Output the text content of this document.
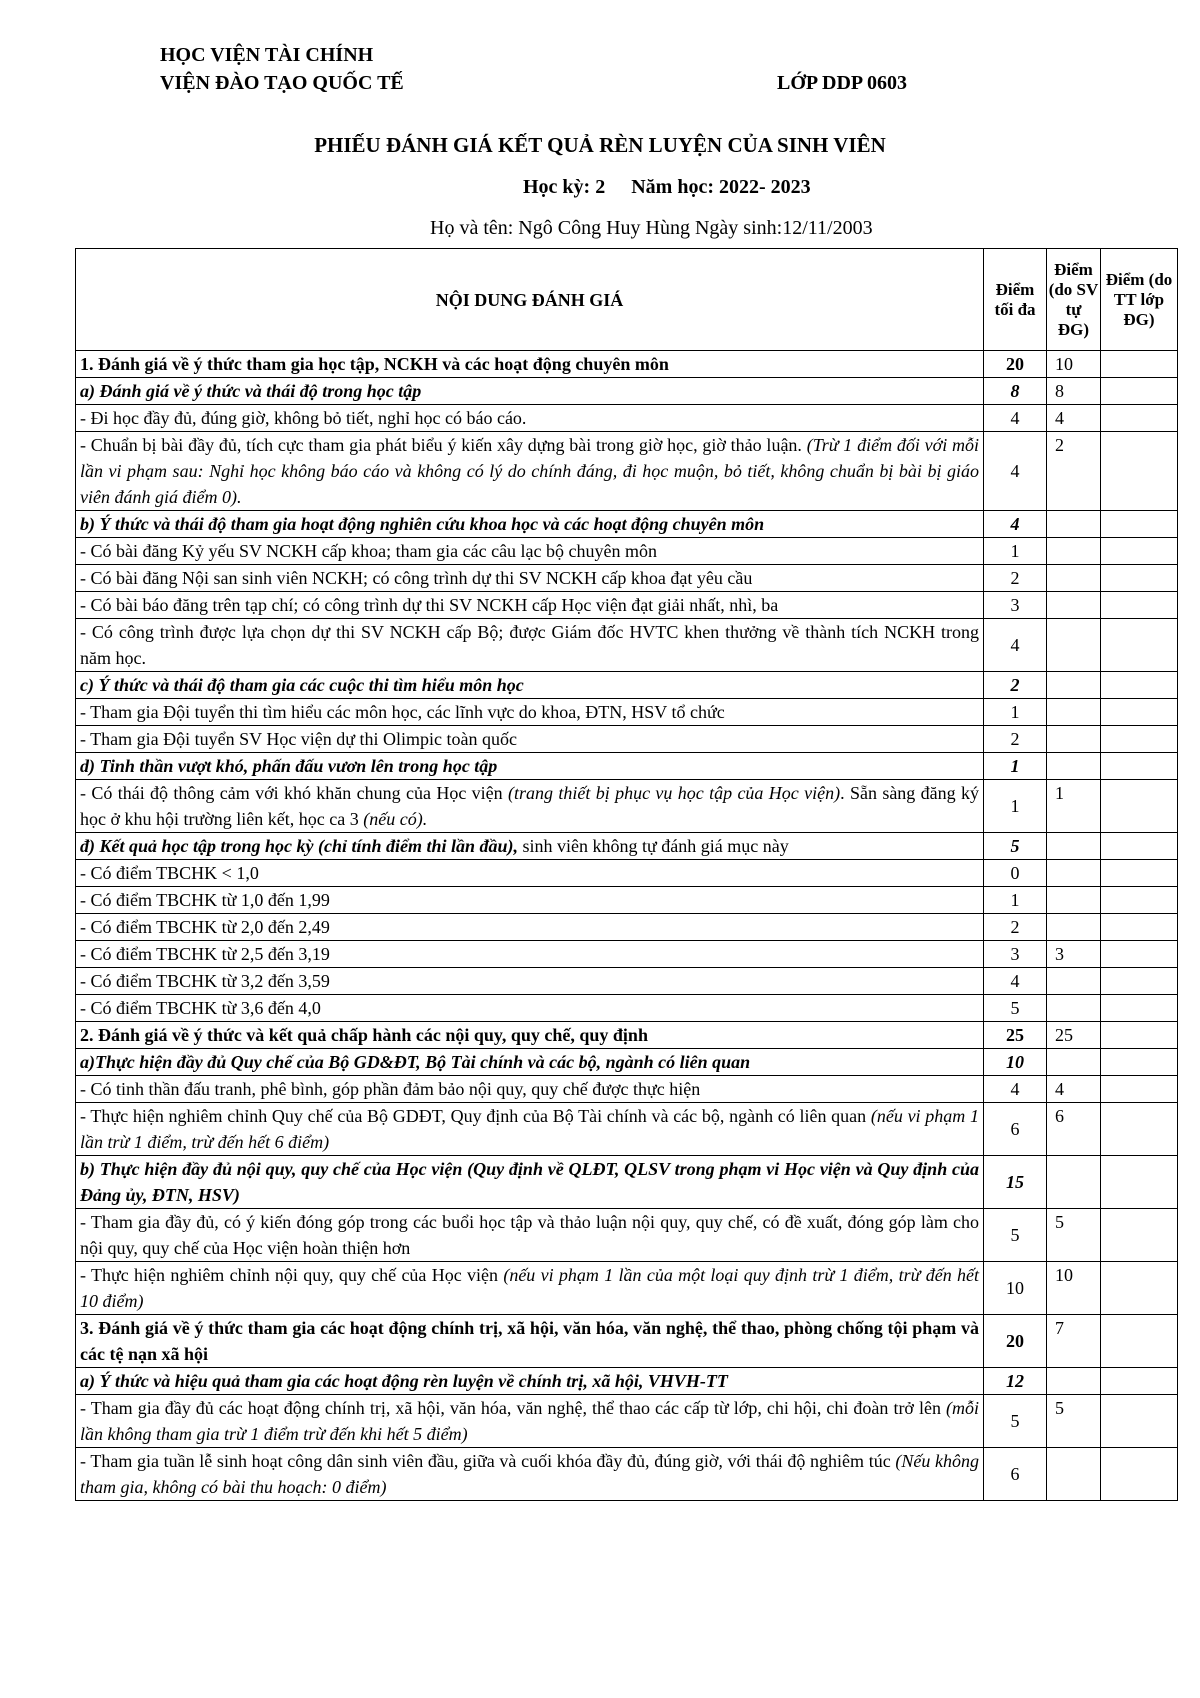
HỌC VIỆN TÀI CHÍNH
VIỆN ĐÀO TẠO QUỐC TẾ	LỚP DDP 0603
PHIẾU ĐÁNH GIÁ KẾT QUẢ RÈN LUYỆN CỦA SINH VIÊN
Học kỳ: 2 Năm học: 2022- 2023
Họ và tên: Ngô Công Huy Hùng Ngày sinh:12/11/2003
NỘI DUNG ĐÁNH GIÁ	Điểm tối đa	Điểm (do SV tự ĐG)	Điểm (do TT lớp ĐG)
1. Đánh giá về ý thức tham gia học tập, NCKH và các hoạt động chuyên môn	20	10	
a) Đánh giá về ý thức và thái độ trong học tập	8	8	
- Đi học đầy đủ, đúng giờ, không bỏ tiết, nghỉ học có báo cáo.	4	4	
- Chuẩn bị bài đầy đủ, tích cực tham gia phát biểu ý kiến xây dựng bài trong giờ học, giờ thảo luận. (Trừ 1 điểm đối với mỗi lần vi phạm sau: Nghỉ học không báo cáo và không có lý do chính đáng, đi học muộn, bỏ tiết, không chuẩn bị bài bị giáo viên đánh giá điểm 0).	4	2	
b) Ý thức và thái độ tham gia hoạt động nghiên cứu khoa học và các hoạt động chuyên môn	4		
- Có bài đăng Kỷ yếu SV NCKH cấp khoa; tham gia các câu lạc bộ chuyên môn	1		
- Có bài đăng Nội san sinh viên NCKH; có công trình dự thi SV NCKH cấp khoa đạt yêu cầu	2		
- Có bài báo đăng trên tạp chí; có công trình dự thi SV NCKH cấp Học viện đạt giải nhất, nhì, ba	3		
- Có công trình được lựa chọn dự thi SV NCKH cấp Bộ; được Giám đốc HVTC khen thưởng về thành tích NCKH trong năm học.	4		
c) Ý thức và thái độ tham gia các cuộc thi tìm hiểu môn học	2		
- Tham gia Đội tuyển thi tìm hiểu các môn học, các lĩnh vực do khoa, ĐTN, HSV tổ chức	1		
- Tham gia Đội tuyển SV Học viện dự thi Olimpic toàn quốc	2		
d) Tinh thần vượt khó, phấn đấu vươn lên trong học tập	1		
- Có thái độ thông cảm với khó khăn chung của Học viện (trang thiết bị phục vụ học tập của Học viện). Sẵn sàng đăng ký học ở khu hội trường liên kết, học ca 3 (nếu có).	1	1	
đ) Kết quả học tập trong học kỳ (chỉ tính điểm thi lần đầu), sinh viên không tự đánh giá mục này	5		
- Có điểm TBCHK < 1,0	0		
- Có điểm TBCHK từ 1,0 đến 1,99	1		
- Có điểm TBCHK từ 2,0 đến 2,49	2		
- Có điểm TBCHK từ 2,5 đến 3,19	3	3	
- Có điểm TBCHK từ 3,2 đến 3,59	4		
- Có điểm TBCHK từ 3,6 đến 4,0	5		
2. Đánh giá về ý thức và kết quả chấp hành các nội quy, quy chế, quy định	25	25	
a)Thực hiện đầy đủ Quy chế của Bộ GD&ĐT, Bộ Tài chính và các bộ, ngành có liên quan	10		
- Có tinh thần đấu tranh, phê bình, góp phần đảm bảo nội quy, quy chế được thực hiện	4	4	
- Thực hiện nghiêm chỉnh Quy chế của Bộ GDĐT, Quy định của Bộ Tài chính và các bộ, ngành có liên quan (nếu vi phạm 1 lần trừ 1 điểm, trừ đến hết 6 điểm)	6	6	
b) Thực hiện đầy đủ nội quy, quy chế của Học viện (Quy định về QLĐT, QLSV trong phạm vi Học viện và Quy định của Đảng ủy, ĐTN, HSV)	15		
- Tham gia đầy đủ, có ý kiến đóng góp trong các buổi học tập và thảo luận nội quy, quy chế, có đề xuất, đóng góp làm cho nội quy, quy chế của Học viện hoàn thiện hơn	5	5	
- Thực hiện nghiêm chỉnh nội quy, quy chế của Học viện (nếu vi phạm 1 lần của một loại quy định trừ 1 điểm, trừ đến hết 10 điểm)	10	10	
3. Đánh giá về ý thức tham gia các hoạt động chính trị, xã hội, văn hóa, văn nghệ, thể thao, phòng chống tội phạm và các tệ nạn xã hội	20	7	
a) Ý thức và hiệu quả tham gia các hoạt động rèn luyện về chính trị, xã hội, VHVH-TT	12		
- Tham gia đầy đủ các hoạt động chính trị, xã hội, văn hóa, văn nghệ, thể thao các cấp từ lớp, chi hội, chi đoàn trở lên (mỗi lần không tham gia trừ 1 điểm trừ đến khi hết 5 điểm)	5	5	
- Tham gia tuần lễ sinh hoạt công dân sinh viên đầu, giữa và cuối khóa đầy đủ, đúng giờ, với thái độ nghiêm túc (Nếu không tham gia, không có bài thu hoạch: 0 điểm)	6		
